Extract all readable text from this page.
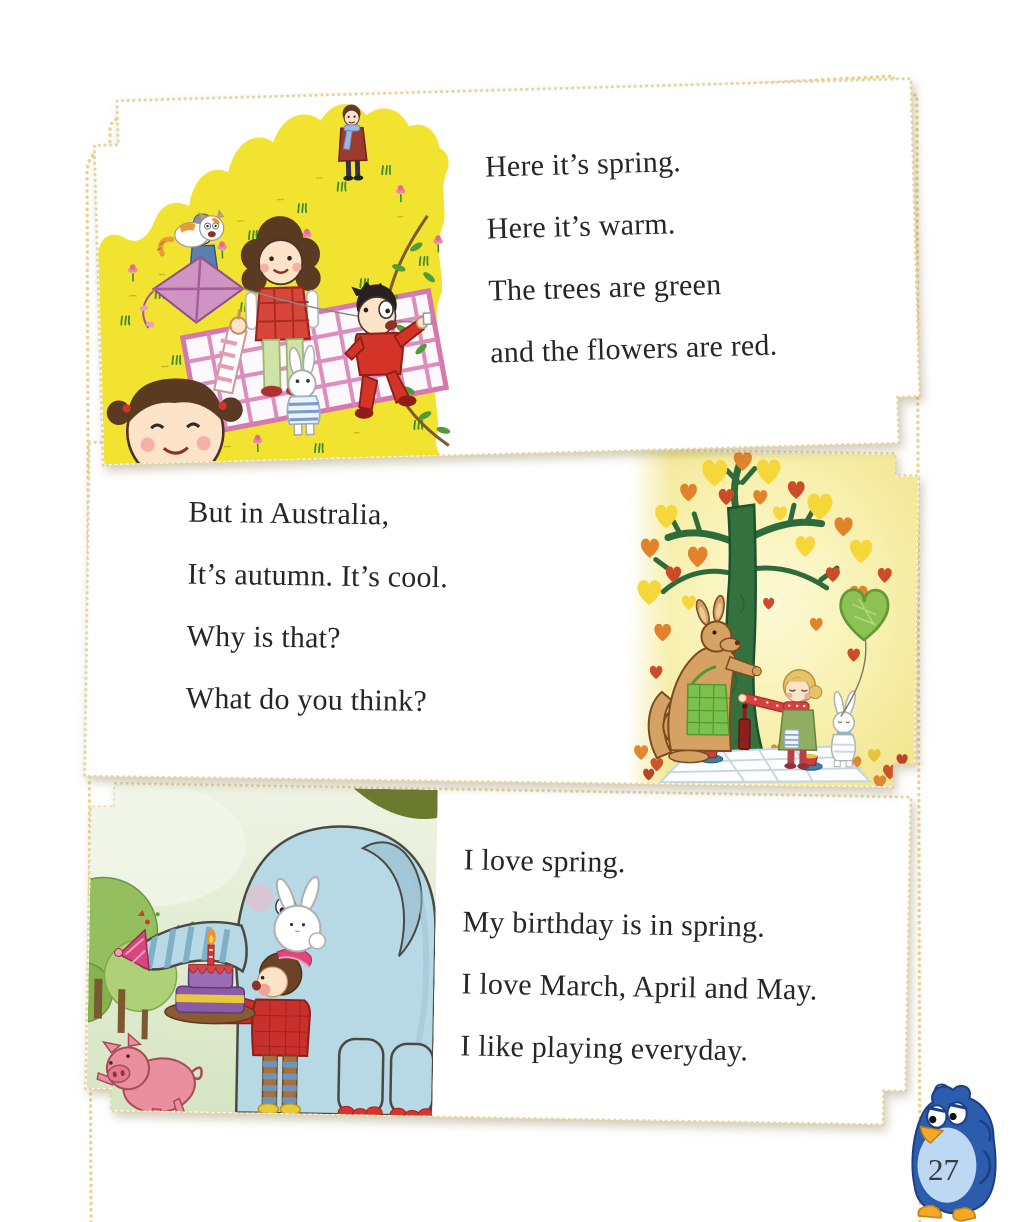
Here it’s spring.

Here it’s warm.

The trees are green

and the flowers are red.

I love spring.

My birthday is in spring.

I love March, April and May.

I like playing everyday.

But in Australia,

It’s autumn. It’s cool.

Why is that?

What do you think?

27
